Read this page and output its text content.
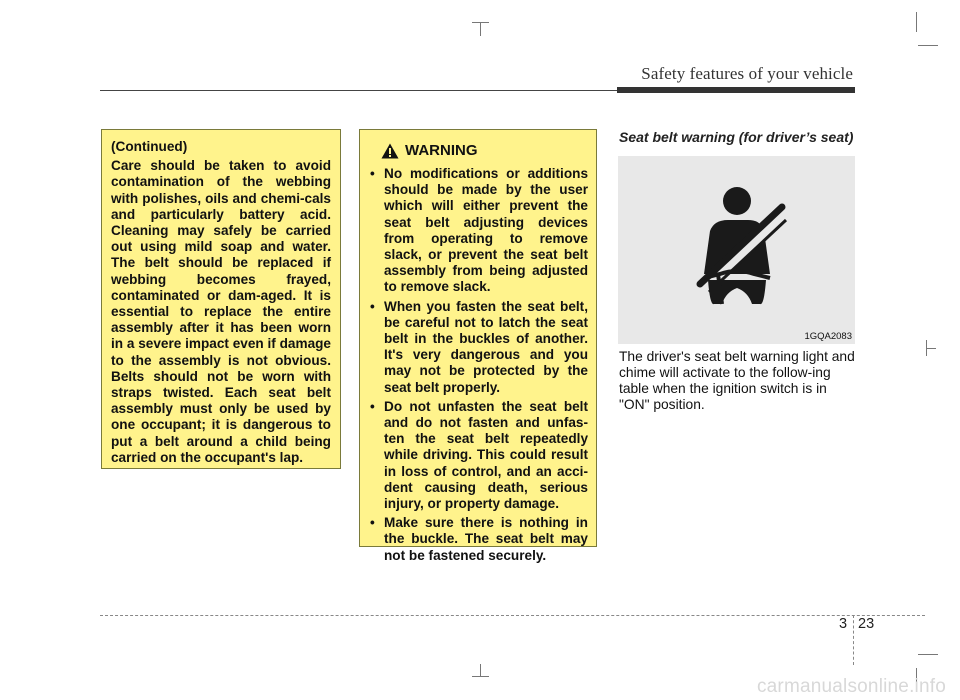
Safety features of your vehicle

(Continued)

Care should be taken to avoid contamination of the webbing with polishes, oils and chemi-cals and particularly battery acid. Cleaning may safely be carried out using mild soap and water. The belt should be replaced if webbing becomes frayed, contaminated or dam-aged. It is essential to replace the entire assembly after it has been worn in a severe impact even if damage to the assembly is not obvious. Belts should not be worn with straps twisted. Each seat belt assembly must only be used by one occupant; it is dangerous to put a belt around a child being carried on the occupant's lap.

WARNING
• No modifications or additions should be made by the user which will either prevent the seat belt adjusting devices from operating to remove slack, or prevent the seat belt assembly from being adjusted to remove slack.
• When you fasten the seat belt, be careful not to latch the seat belt in the buckles of another. It's very dangerous and you may not be protected by the seat belt properly.
• Do not unfasten the seat belt and do not fasten and unfas-ten the seat belt repeatedly while driving. This could result in loss of control, and an acci-dent causing death, serious injury, or property damage.
• Make sure there is nothing in the buckle. The seat belt may not be fastened securely.
Seat belt warning (for driver’s seat)
1GQA2083

The driver's seat belt warning light and chime will activate to the follow-ing table when the ignition switch is in "ON" position.

3 23
carmanualsonline.info
